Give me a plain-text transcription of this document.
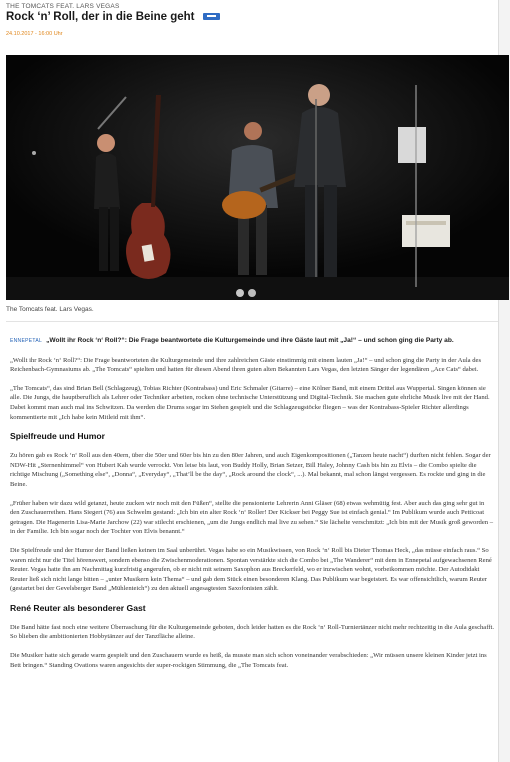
THE TOMCATS FEAT. LARS VEGAS
Rock ‘n’ Roll, der in die Beine geht
24.10.2017 - 16:00 Uhr
The Tomcats feat. Lars Vegas.

ENNEPETAL „Wollt ihr Rock ‘n‘ Roll?“: Die Frage beantwortete die Kulturgemeinde und ihre Gäste laut mit „Ja!“ – und schon ging die Party ab.

„Wollt ihr Rock ‘n‘ Roll?“: Die Frage beantworteten die Kulturgemeinde und ihre zahlreichen Gäste einstimmig mit einem lauten „Ja!“ – und schon ging die Party in der Aula des Reichenbach-Gymnasiums ab. „The Tomcats“ spielten und hatten für diesen Abend ihren guten alten Bekannten Lars Vegas, den letzten Sänger der legendären „Ace Cats“ dabei.

„The Tomcats“, das sind Brian Bell (Schlagzeug), Tobias Richter (Kontrabass) und Eric Schmaler (Gitarre) – eine Kölner Band, mit einem Drittel aus Wuppertal. Singen können sie alle. Die Jungs, die hauptberuflich als Lehrer oder Techniker arbeiten, rocken ohne technische Unterstützung und Digital-Technik. Sie machen gute ehrliche Musik live mit der Hand. Dabei kommt man auch mal ins Schwitzen. Da werden die Drums sogar im Stehen gespielt und die Schlagzeugstöcke fliegen – was der Kontrabass-Spieler Richter allerdings kommentierte mit „Ich habe kein Mitleid mit ihm“.

Spielfreude und Humor

Zu hören gab es Rock ‘n‘ Roll aus den 40ern, über die 50er und 60er bis hin zu den 80er Jahren, und auch Eigenkompositionen („Tanzen heute nacht“) durften nicht fehlen. Sogar der NDW-Hit „Sternenhimmel“ von Hubert Kah wurde verrockt. Von leise bis laut, von Buddy Holly, Brian Setzer, Bill Haley, Johnny Cash bis hin zu Elvis – die Combo spielte die richtige Mischung („Something else“, „Donna“, „Everyday“, „That’ll be the day“, „Rock around the clock“, ...). Mal bekannt, mal schon längst vergessen. Es rockte und ging in die Beine.

„Früher haben wir dazu wild getanzt, heute zucken wir noch mit den Füßen“, stellte die pensionierte Lehrerin Anni Gläser (68) etwas wehmütig fest. Aber auch das ging sehr gut in den Zuschauerreihen. Hans Siegert (76) aus Schwelm gestand: „Ich bin ein alter Rock ‘n‘ Roller! Der Kickser bei Peggy Sue ist einfach genial.“ Im Publikum wurde auch Petticoat getragen. Die Hagenerin Lisa-Marie Jarchow (22) war stilecht erschienen, „um die Jungs endlich mal live zu sehen.“ Sie lächelte verschmitzt: „Ich bin mit der Musik groß geworden – in der Familie. Ich bin sogar noch der Tochter von Elvis benannt.“

Die Spielfreude und der Humor der Band ließen keinen im Saal unberührt. Vegas habe so ein Musikwissen, von Rock ‘n‘ Roll bis Dieter Thomas Heck, „das müsse einfach raus.“ So waren nicht nur die Titel hörenswert, sondern ebenso die Zwischenmoderationen. Spontan verstärkte sich die Combo bei „The Wanderer“ mit dem in Ennepetal aufgewachsenen René Reuter. Vegas hatte ihn am Nachmittag kurzfristig angerufen, ob er nicht mit seinem Saxophon aus Breckerfeld, wo er inzwischen wohnt, vorbeikommen möchte. Der Autodidakt Reuter ließ sich nicht lange bitten – „unter Musikern kein Thema“ – und gab dem Stück einen besonderen Klang. Das Publikum war begeistert. Es war offensichtlich, warum Reuter (gestartet bei der Gevelsberger Band „Mühlenteich“) zu den aktuell angesagtesten Saxofonisten zählt.

René Reuter als besonderer Gast

Die Band hätte fast noch eine weitere Überraschung für die Kulturgemeinde geboten, doch leider hatten es die Rock ‘n‘ Roll-Turniertänzer nicht mehr rechtzeitig in die Aula geschafft. So blieben die ambitionierten Hobbytänzer auf der Tanzfläche alleine.

Die Musiker hatte sich gerade warm gespielt und den Zuschauern wurde es heiß, da musste man sich schon voneinander verabschieden: „Wir müssen unsere kleinen Kinder jetzt ins Bett bringen.“ Standing Ovations waren angesichts der super-rockigen Stimmung, die „The Tomcats feat.
